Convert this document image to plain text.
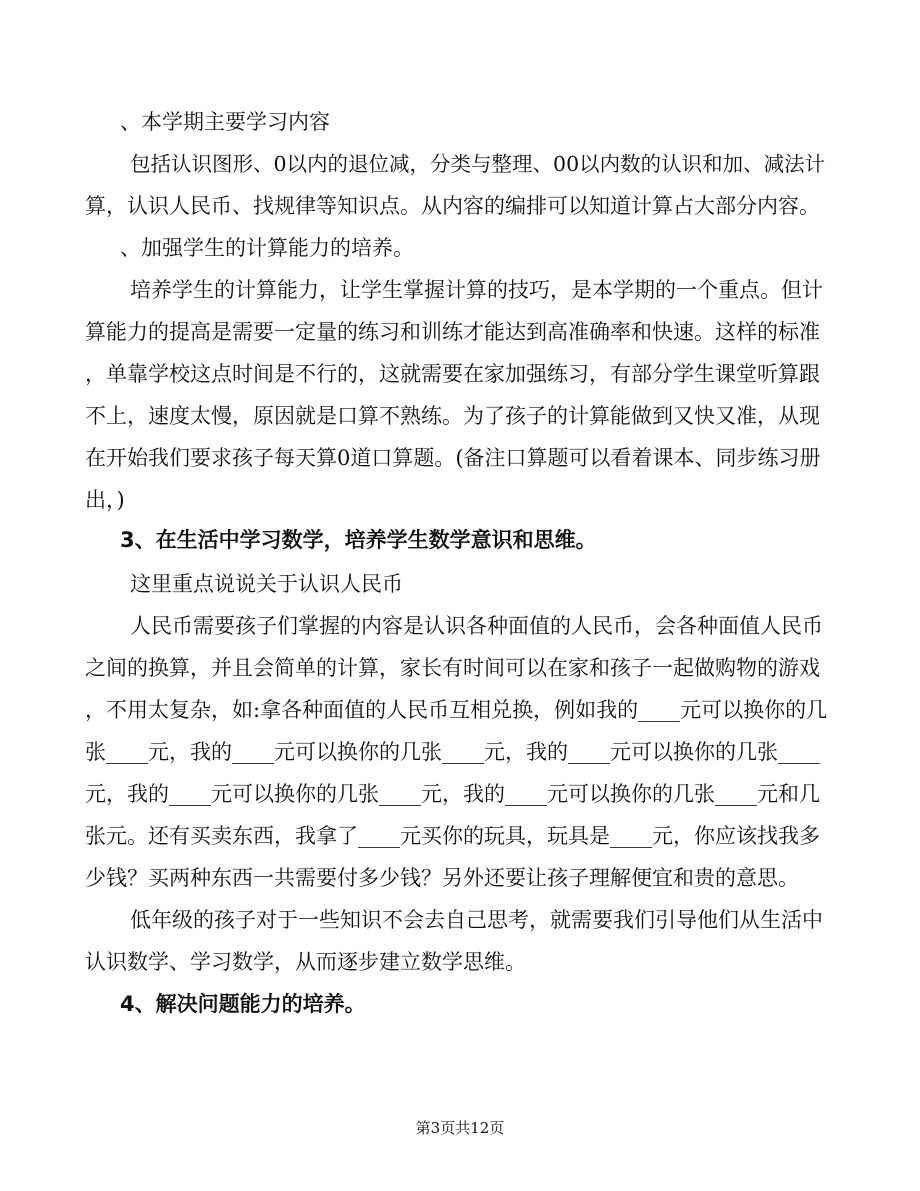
、本学期主要学习内容
包括认识图形、0以内的退位减，分类与整理、00以内数的认识和加、减法计
算，认识人民币、找规律等知识点。从内容的编排可以知道计算占大部分内容。
、加强学生的计算能力的培养。
培养学生的计算能力，让学生掌握计算的技巧，是本学期的一个重点。但计
算能力的提高是需要一定量的练习和训练才能达到高准确率和快速。这样的标准
，单靠学校这点时间是不行的，这就需要在家加强练习，有部分学生课堂听算跟
不上，速度太慢，原因就是口算不熟练。为了孩子的计算能做到又快又准，从现
在开始我们要求孩子每天算0道口算题。(备注口算题可以看着课本、同步练习册
出，)
3、在生活中学习数学，培养学生数学意识和思维。
这里重点说说关于认识人民币
人民币需要孩子们掌握的内容是认识各种面值的人民币，会各种面值人民币
之间的换算，并且会简单的计算，家长有时间可以在家和孩子一起做购物的游戏
，不用太复杂，如:拿各种面值的人民币互相兑换，例如我的____元可以换你的几
张____元，我的____元可以换你的几张____元，我的____元可以换你的几张____
元，我的____元可以换你的几张____元，我的____元可以换你的几张____元和几
张元。还有买卖东西，我拿了____元买你的玩具，玩具是____元，你应该找我多
少钱？买两种东西一共需要付多少钱？另外还要让孩子理解便宜和贵的意思。
低年级的孩子对于一些知识不会去自己思考，就需要我们引导他们从生活中
认识数学、学习数学，从而逐步建立数学思维。
4、解决问题能力的培养。
第3页共12页
